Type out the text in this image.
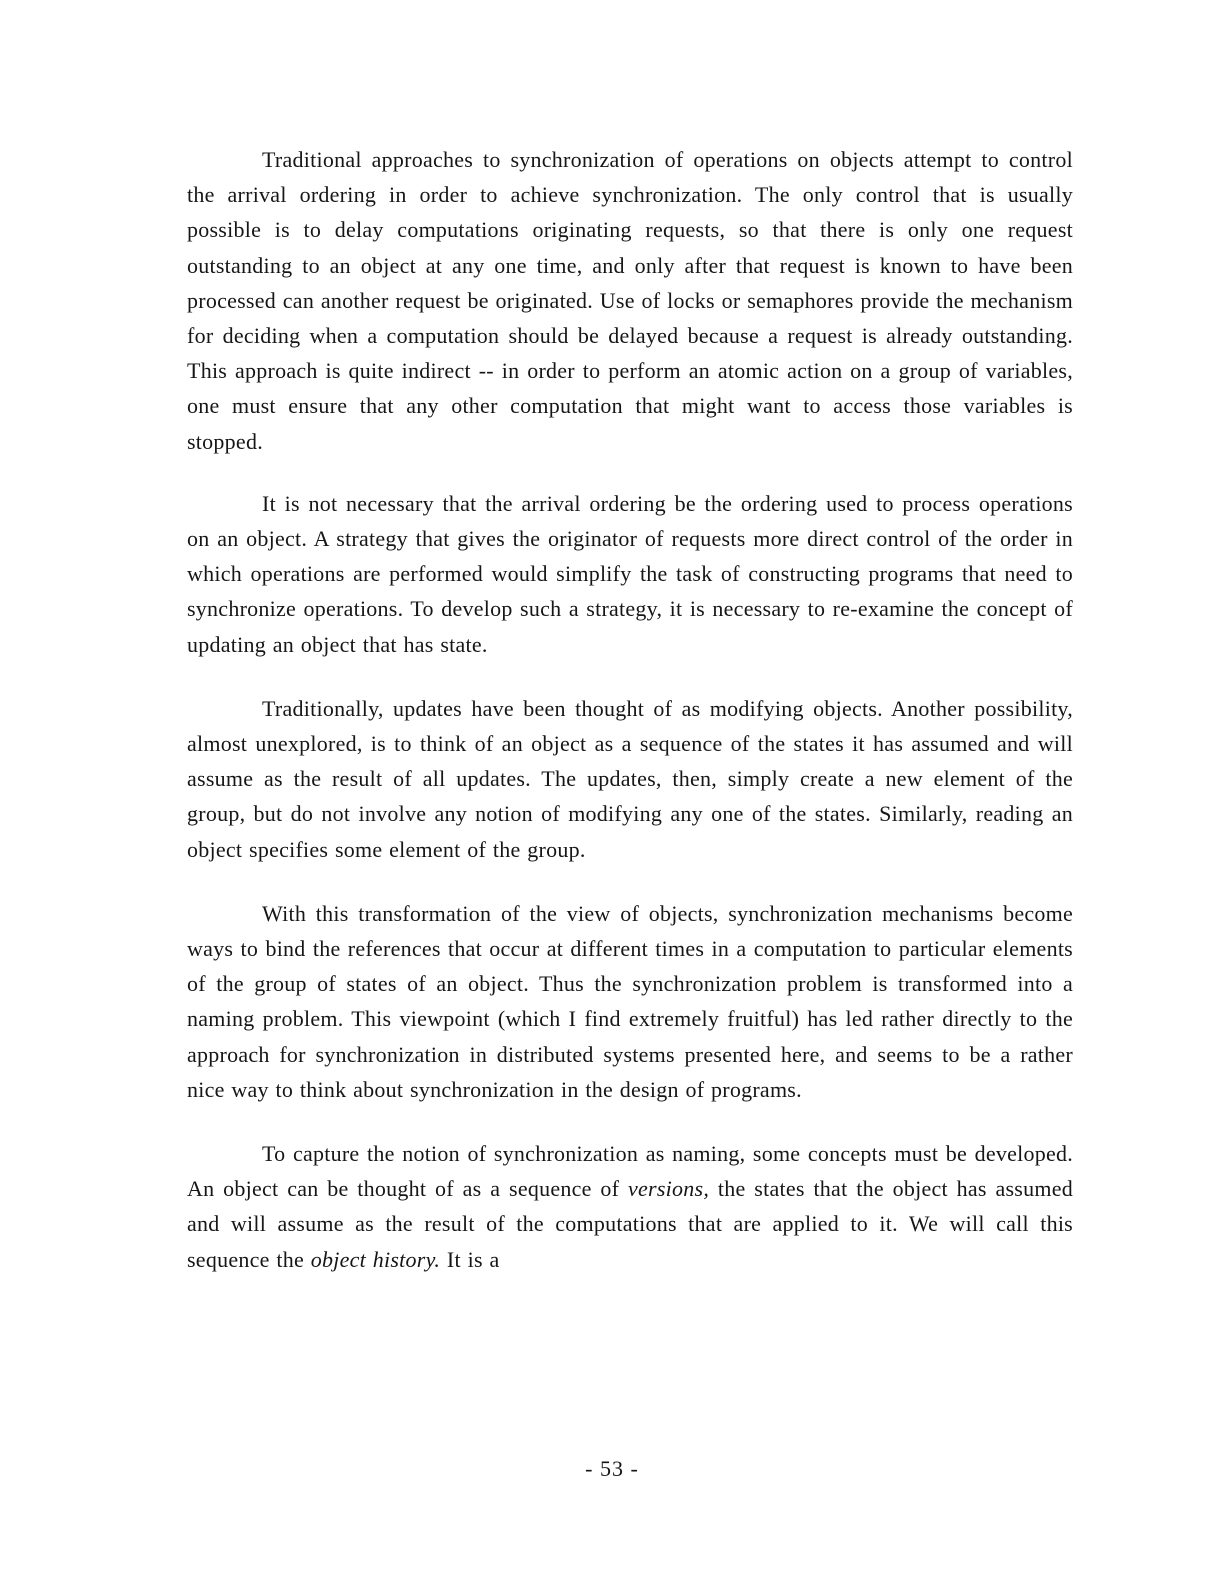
Traditional approaches to synchronization of operations on objects attempt to control the arrival ordering in order to achieve synchronization. The only control that is usually possible is to delay computations originating requests, so that there is only one request outstanding to an object at any one time, and only after that request is known to have been processed can another request be originated. Use of locks or semaphores provide the mechanism for deciding when a computation should be delayed because a request is already outstanding. This approach is quite indirect -- in order to perform an atomic action on a group of variables, one must ensure that any other computation that might want to access those variables is stopped.

It is not necessary that the arrival ordering be the ordering used to process operations on an object. A strategy that gives the originator of requests more direct control of the order in which operations are performed would simplify the task of constructing programs that need to synchronize operations. To develop such a strategy, it is necessary to re-examine the concept of updating an object that has state.

Traditionally, updates have been thought of as modifying objects. Another possibility, almost unexplored, is to think of an object as a sequence of the states it has assumed and will assume as the result of all updates. The updates, then, simply create a new element of the group, but do not involve any notion of modifying any one of the states. Similarly, reading an object specifies some element of the group.

With this transformation of the view of objects, synchronization mechanisms become ways to bind the references that occur at different times in a computation to particular elements of the group of states of an object. Thus the synchronization problem is transformed into a naming problem. This viewpoint (which I find extremely fruitful) has led rather directly to the approach for synchronization in distributed systems presented here, and seems to be a rather nice way to think about synchronization in the design of programs.

To capture the notion of synchronization as naming, some concepts must be developed. An object can be thought of as a sequence of versions, the states that the object has assumed and will assume as the result of the computations that are applied to it. We will call this sequence the object history. It is a

- 53 -
